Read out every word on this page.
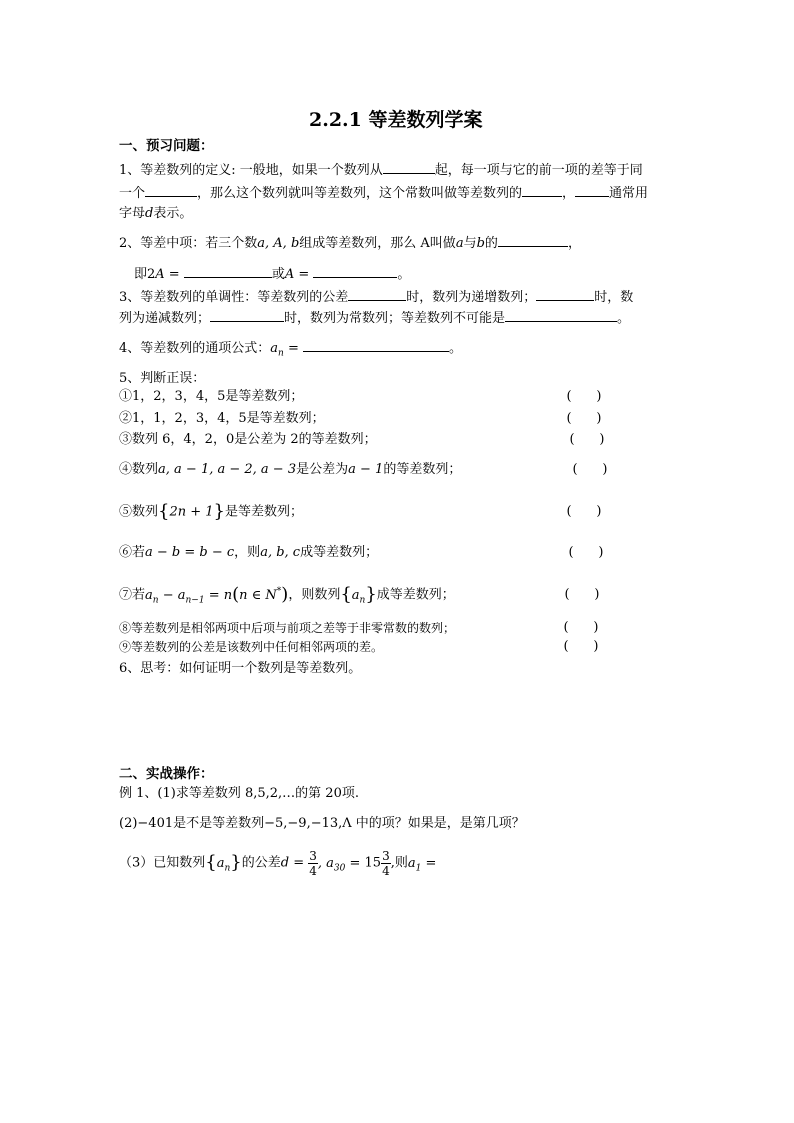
2.2.1 等差数列学案
一、预习问题：
1、等差数列的定义: 一般地，如果一个数列从	起，每一项与它的前一项的差等于同
一个	，那么这个数列就叫等差数列，这个常数叫做等差数列的	，	通常用
字母d表示。
2、等差中项：若三个数a, A, b组成等差数列，那么 A叫做a与b的	，
即2A =	或A =	。
3、等差数列的单调性：等差数列的公差	时，数列为递增数列；	时，数
列为递减数列；	时，数列为常数列；等差数列不可能是	。
4、等差数列的通项公式：$a_n$ =	。
5、判断正误：
①1，2，3，4，5是等差数列；	(      )
②1，1，2，3，4，5是等差数列；	(      )
③数列 6，4，2，0是公差为 2的等差数列；	(      )
④数列a, a − 1, a − 2, a − 3是公差为a − 1的等差数列；	(      )
⑤数列{2n + 1}是等差数列；	(      )
⑥若a − b = b − c，则a, b, c成等差数列；	(      )
⑦若$a_n - a_{n-1} = n(n$ ∈ N*)，则数列$\{a_n\}$成等差数列；	(      )
⑧等差数列是相邻两项中后项与前项之差等于非零常数的数列；	(      )
⑨等差数列的公差是该数列中任何相邻两项的差。	(      )
6、思考：如何证明一个数列是等差数列。
二、实战操作：
例 1、(1)求等差数列 8,5,2,…的第 20项.
(2)−401是不是等差数列−5,−9,−13,Λ 中的项？如果是，是第几项？
（3）已知数列$\{a_n\}$的公差$d = \frac{3}{4}$ , $a_{30} = 15 \frac{3}{4}$ ,则$a_1$ =
